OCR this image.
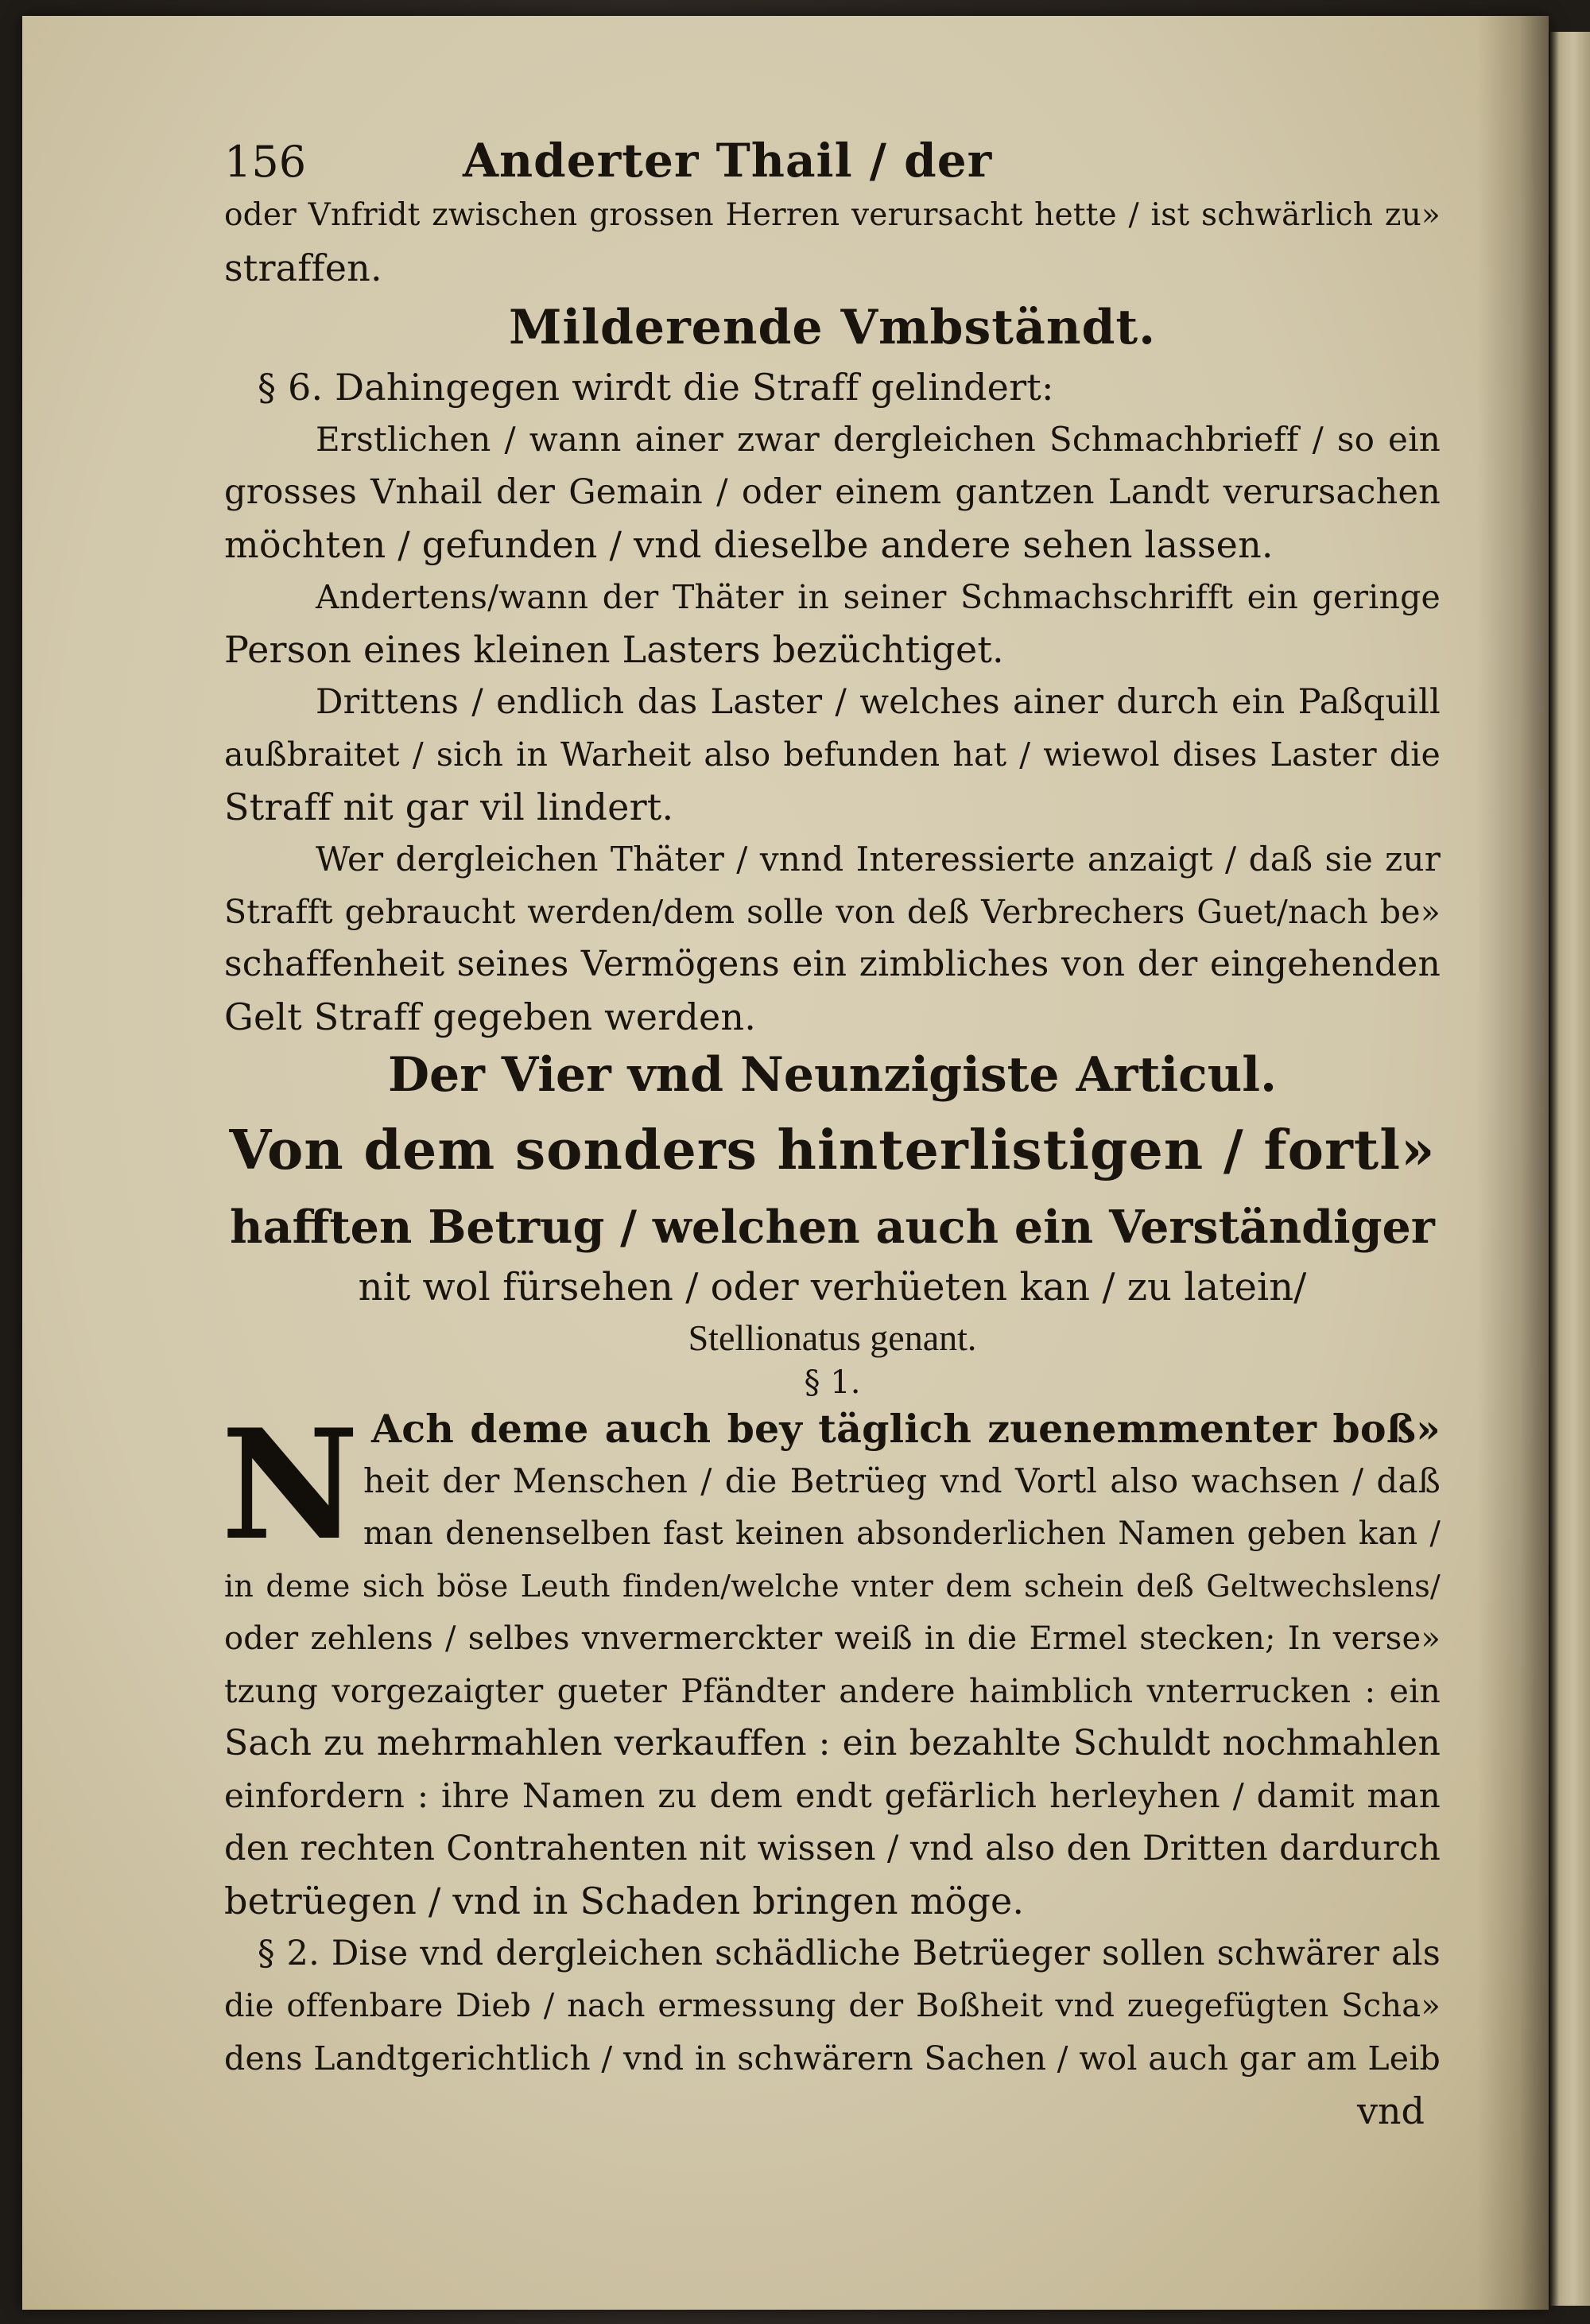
156	Anderter Thail / der
oder Vnfridt zwischen grossen Herren verursacht hette / ist schwärlich zu»
straffen.
Milderende Vmbständt.
§ 6. Dahingegen wirdt die Straff gelindert:
Erstlichen / wann ainer zwar dergleichen Schmachbrieff / so ein
grosses Vnhail der Gemain / oder einem gantzen Landt verursachen
möchten / gefunden / vnd dieselbe andere sehen lassen.
Andertens/wann der Thäter in seiner Schmachschrifft ein geringe
Person eines kleinen Lasters bezüchtiget.
Drittens / endlich das Laster / welches ainer durch ein Paßquill
außbraitet / sich in Warheit also befunden hat / wiewol dises Laster die
Straff nit gar vil lindert.
Wer dergleichen Thäter / vnnd Interessierte anzaigt / daß sie zur
Strafft gebraucht werden/dem solle von deß Verbrechers Guet/nach be»
schaffenheit seines Vermögens ein zimbliches von der eingehenden
Gelt Straff gegeben werden.
Der Vier vnd Neunzigiste Articul.
Von dem sonders hinterlistigen / fortl»
hafften Betrug / welchen auch ein Verständiger
nit wol fürsehen / oder verhüeten kan / zu latein/
Stellionatus genant.
§ 1.
N Ach deme auch bey täglich zuenemmenter boß»
heit der Menschen / die Betrüeg vnd Vortl also wachsen / daß
man denenselben fast keinen absonderlichen Namen geben kan /
in deme sich böse Leuth finden/welche vnter dem schein deß Geltwechslens/
oder zehlens / selbes vnvermerckter weiß in die Ermel stecken; In verse»
tzung vorgezaigter gueter Pfändter andere haimblich vnterrucken : ein
Sach zu mehrmahlen verkauffen : ein bezahlte Schuldt nochmahlen
einfordern : ihre Namen zu dem endt gefärlich herleyhen / damit man
den rechten Contrahenten nit wissen / vnd also den Dritten dardurch
betrüegen / vnd in Schaden bringen möge.
§ 2. Dise vnd dergleichen schädliche Betrüeger sollen schwärer als
die offenbare Dieb / nach ermessung der Boßheit vnd zuegefügten Scha»
dens Landtgerichtlich / vnd in schwärern Sachen / wol auch gar am Leib
vnd
